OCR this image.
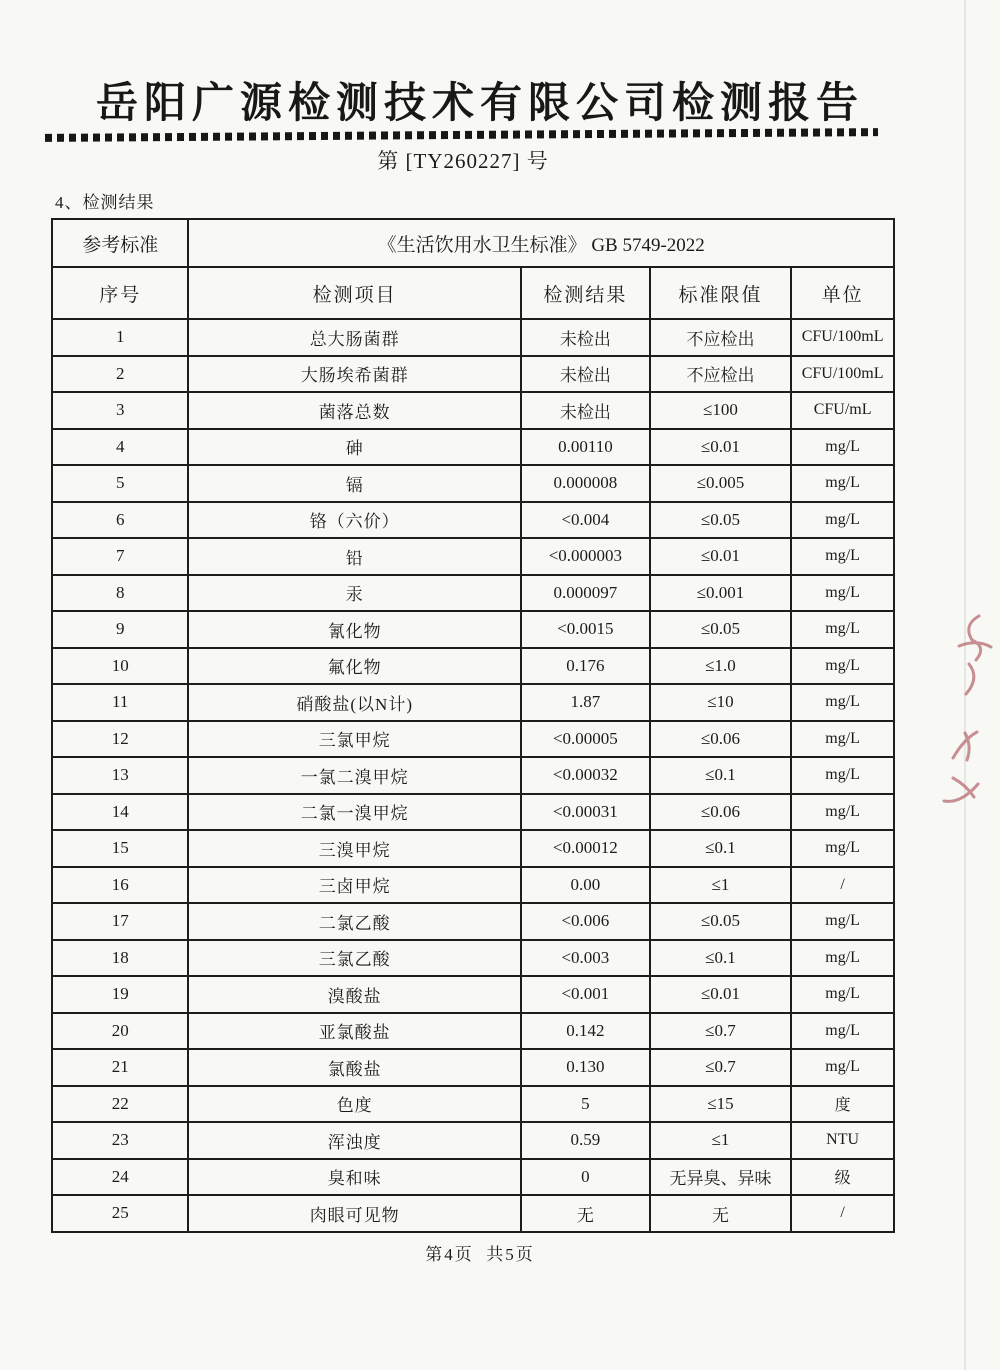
岳阳广源检测技术有限公司检测报告
第 [TY260227] 号
4、检测结果
参考标准	《生活饮用水卫生标准》 GB 5749-2022			
序号	检测项目	检测结果	标准限值	单位
1	总大肠菌群	未检出	不应检出	CFU/100mL
2	大肠埃希菌群	未检出	不应检出	CFU/100mL
3	菌落总数	未检出	≤100	CFU/mL
4	砷	0.00110	≤0.01	mg/L
5	镉	0.000008	≤0.005	mg/L
6	铬（六价）	<0.004	≤0.05	mg/L
7	铅	<0.000003	≤0.01	mg/L
8	汞	0.000097	≤0.001	mg/L
9	氰化物	<0.0015	≤0.05	mg/L
10	氟化物	0.176	≤1.0	mg/L
11	硝酸盐(以N计)	1.87	≤10	mg/L
12	三氯甲烷	<0.00005	≤0.06	mg/L
13	一氯二溴甲烷	<0.00032	≤0.1	mg/L
14	二氯一溴甲烷	<0.00031	≤0.06	mg/L
15	三溴甲烷	<0.00012	≤0.1	mg/L
16	三卤甲烷	0.00	≤1	/
17	二氯乙酸	<0.006	≤0.05	mg/L
18	三氯乙酸	<0.003	≤0.1	mg/L
19	溴酸盐	<0.001	≤0.01	mg/L
20	亚氯酸盐	0.142	≤0.7	mg/L
21	氯酸盐	0.130	≤0.7	mg/L
22	色度	5	≤15	度
23	浑浊度	0.59	≤1	NTU
24	臭和味	0	无异臭、异味	级
25	肉眼可见物	无	无	/
第4页  共5页
